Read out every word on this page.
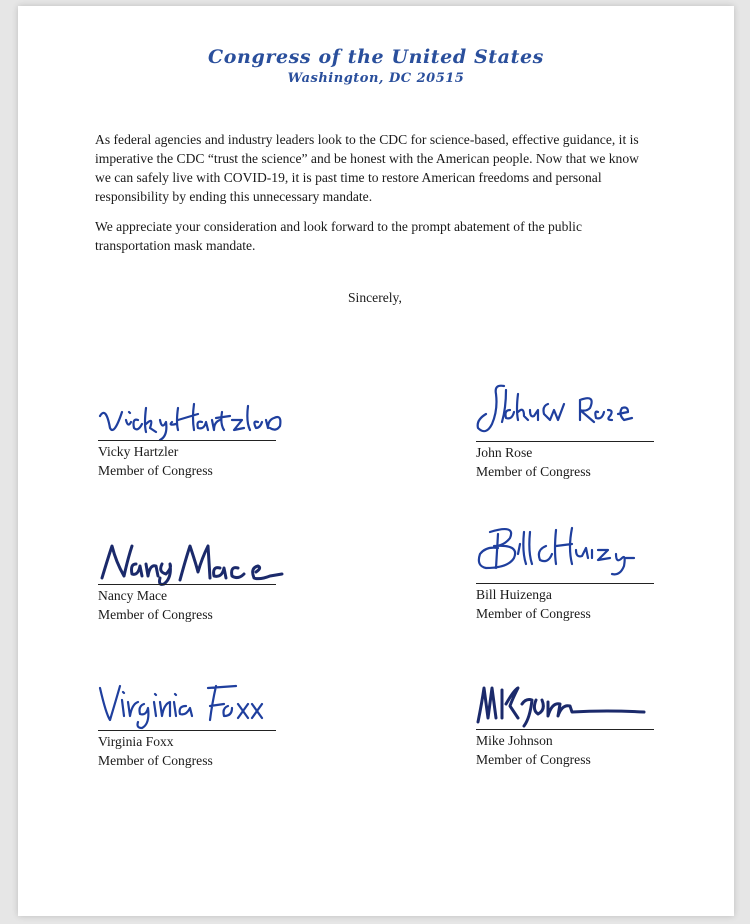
Congress of the United States
Washington, DC 20515
As federal agencies and industry leaders look to the CDC for science-based, effective guidance, it is imperative the CDC “trust the science” and be honest with the American people. Now that we know we can safely live with COVID-19, it is past time to restore American freedoms and personal responsibility by ending this unnecessary mandate.
We appreciate your consideration and look forward to the prompt abatement of the public transportation mask mandate.
Sincerely,
Vicky Hartzler
Member of Congress
John Rose
Member of Congress
Nancy Mace
Member of Congress
Bill Huizenga
Member of Congress
Virginia Foxx
Member of Congress
Mike Johnson
Member of Congress
